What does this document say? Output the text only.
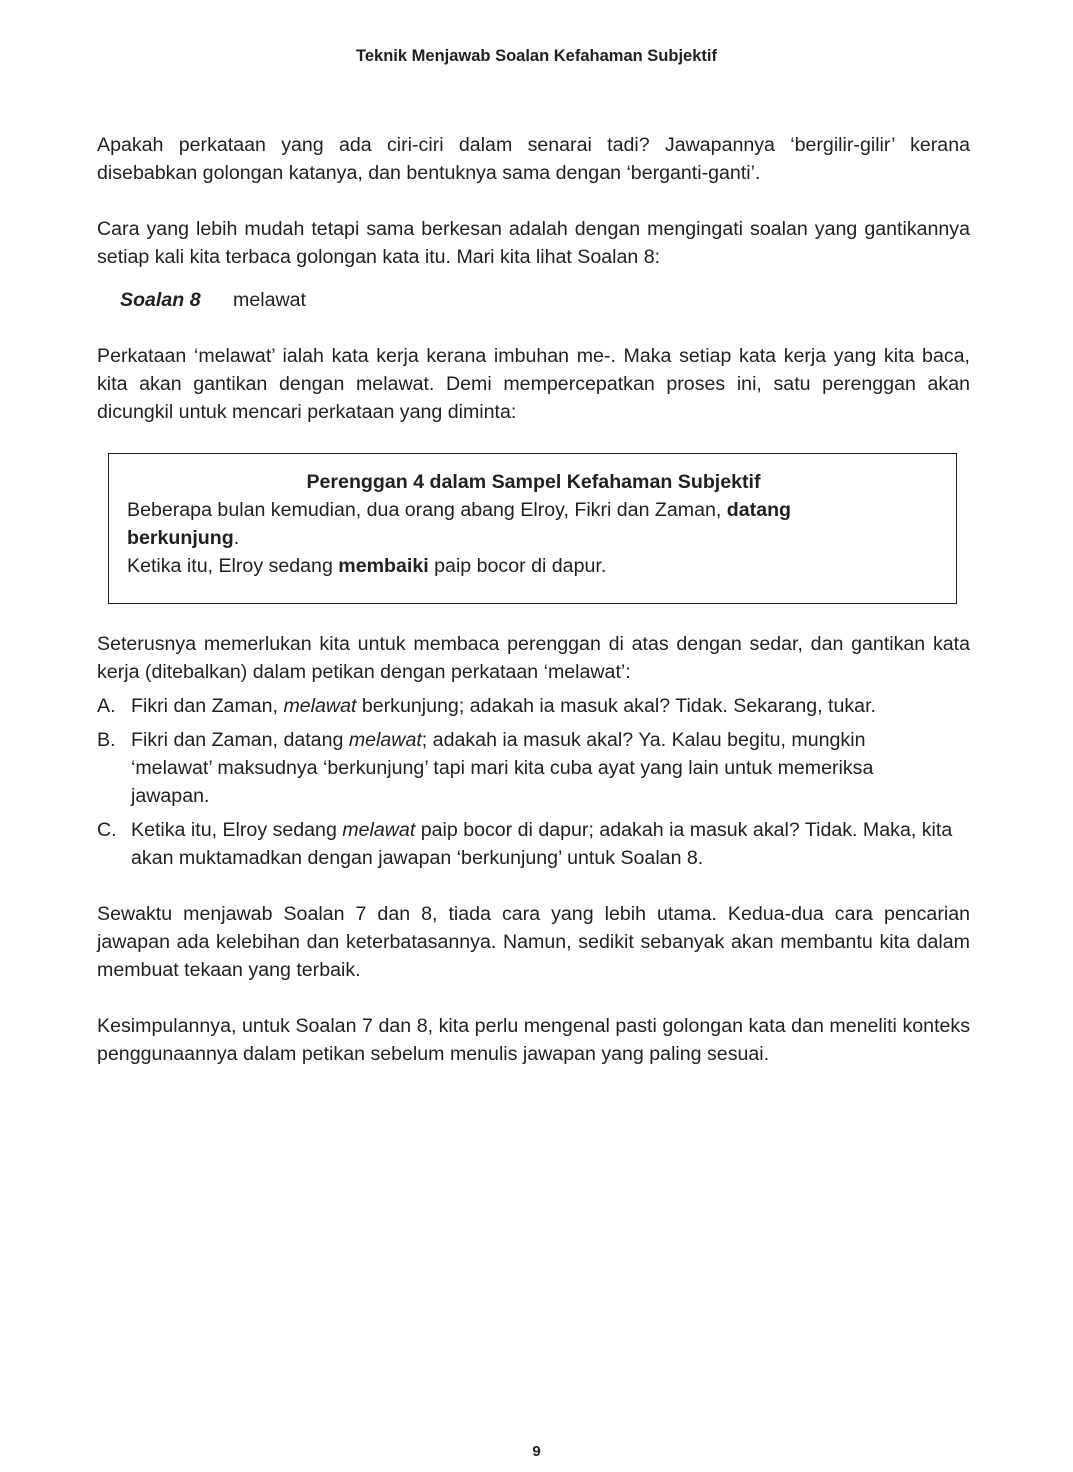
Teknik Menjawab Soalan Kefahaman Subjektif

Apakah perkataan yang ada ciri-ciri dalam senarai tadi? Jawapannya ‘bergilir-gilir’ kerana disebabkan golongan katanya, dan bentuknya sama dengan ‘berganti-ganti’.

Cara yang lebih mudah tetapi sama berkesan adalah dengan mengingati soalan yang gantikannya setiap kali kita terbaca golongan kata itu. Mari kita lihat Soalan 8:

Soalan 8 melawat

Perkataan ‘melawat’ ialah kata kerja kerana imbuhan me-. Maka setiap kata kerja yang kita baca, kita akan gantikan dengan melawat. Demi mempercepatkan proses ini, satu perenggan akan dicungkil untuk mencari perkataan yang diminta:

Perenggan 4 dalam Sampel Kefahaman Subjektif
Beberapa bulan kemudian, dua orang abang Elroy, Fikri dan Zaman, datang
berkunjung.
Ketika itu, Elroy sedang membaiki paip bocor di dapur.

Seterusnya memerlukan kita untuk membaca perenggan di atas dengan sedar, dan gantikan kata kerja (ditebalkan) dalam petikan dengan perkataan ‘melawat’:

A. Fikri dan Zaman, melawat berkunjung; adakah ia masuk akal? Tidak. Sekarang, tukar.
B. Fikri dan Zaman, datang melawat; adakah ia masuk akal? Ya. Kalau begitu, mungkin ‘melawat’ maksudnya ‘berkunjung’ tapi mari kita cuba ayat yang lain untuk memeriksa jawapan.
C. Ketika itu, Elroy sedang melawat paip bocor di dapur; adakah ia masuk akal? Tidak. Maka, kita akan muktamadkan dengan jawapan ‘berkunjung’ untuk Soalan 8.

Sewaktu menjawab Soalan 7 dan 8, tiada cara yang lebih utama. Kedua-dua cara pencarian jawapan ada kelebihan dan keterbatasannya. Namun, sedikit sebanyak akan membantu kita dalam membuat tekaan yang terbaik.

Kesimpulannya, untuk Soalan 7 dan 8, kita perlu mengenal pasti golongan kata dan meneliti konteks penggunaannya dalam petikan sebelum menulis jawapan yang paling sesuai.

9
